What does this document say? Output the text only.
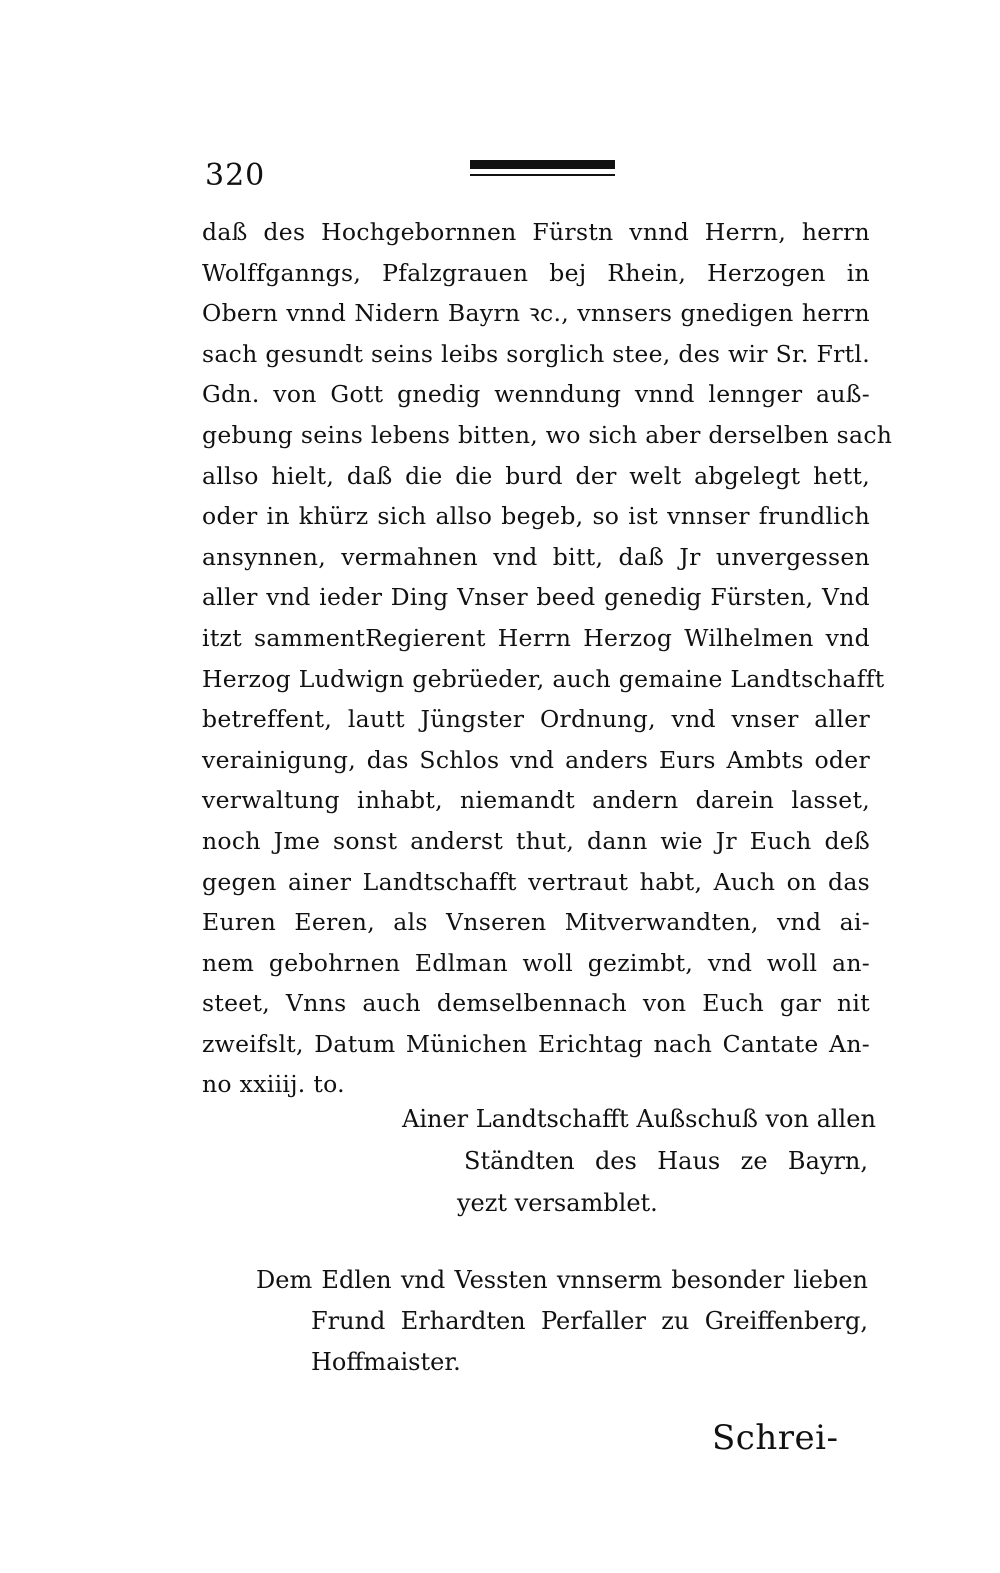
320
daß des Hochgebornnen Fürstn vnnd Herrn, herrn
Wolffganngs, Pfalzgrauen bej Rhein, Herzogen in
Obern vnnd Nidern Bayrn ꝛc., vnnsers gnedigen herrn
sach gesundt seins leibs sorglich stee, des wir Sr. Frtl.
Gdn. von Gott gnedig wenndung vnnd lennger auß-
gebung seins lebens bitten, wo sich aber derselben sach
allso hielt, daß die die burd der welt abgelegt hett,
oder in khürz sich allso begeb, so ist vnnser frundlich
ansynnen, vermahnen vnd bitt, daß Jr unvergessen
aller vnd ieder Ding Vnser beed genedig Fürsten, Vnd
itzt sammentRegierent Herrn Herzog Wilhelmen vnd
Herzog Ludwign gebrüeder, auch gemaine Landtschafft
betreffent, lautt Jüngster Ordnung, vnd vnser aller
verainigung, das Schlos vnd anders Eurs Ambts oder
verwaltung inhabt, niemandt andern darein lasset,
noch Jme sonst anderst thut, dann wie Jr Euch deß
gegen ainer Landtschafft vertraut habt, Auch on das
Euren Eeren, als Vnseren Mitverwandten, vnd ai-
nem gebohrnen Edlman woll gezimbt, vnd woll an-
steet, Vnns auch demselbennach von Euch gar nit
zweifslt, Datum Münichen Erichtag nach Cantate An-
no xxiiij. to.
Ainer Landtschafft Außschuß von allen
Ständten des Haus ze Bayrn,
yezt versamblet.
Dem Edlen vnd Vessten vnnserm besonder lieben
Frund Erhardten Perfaller zu Greiffenberg,
Hoffmaister.
Schrei-
